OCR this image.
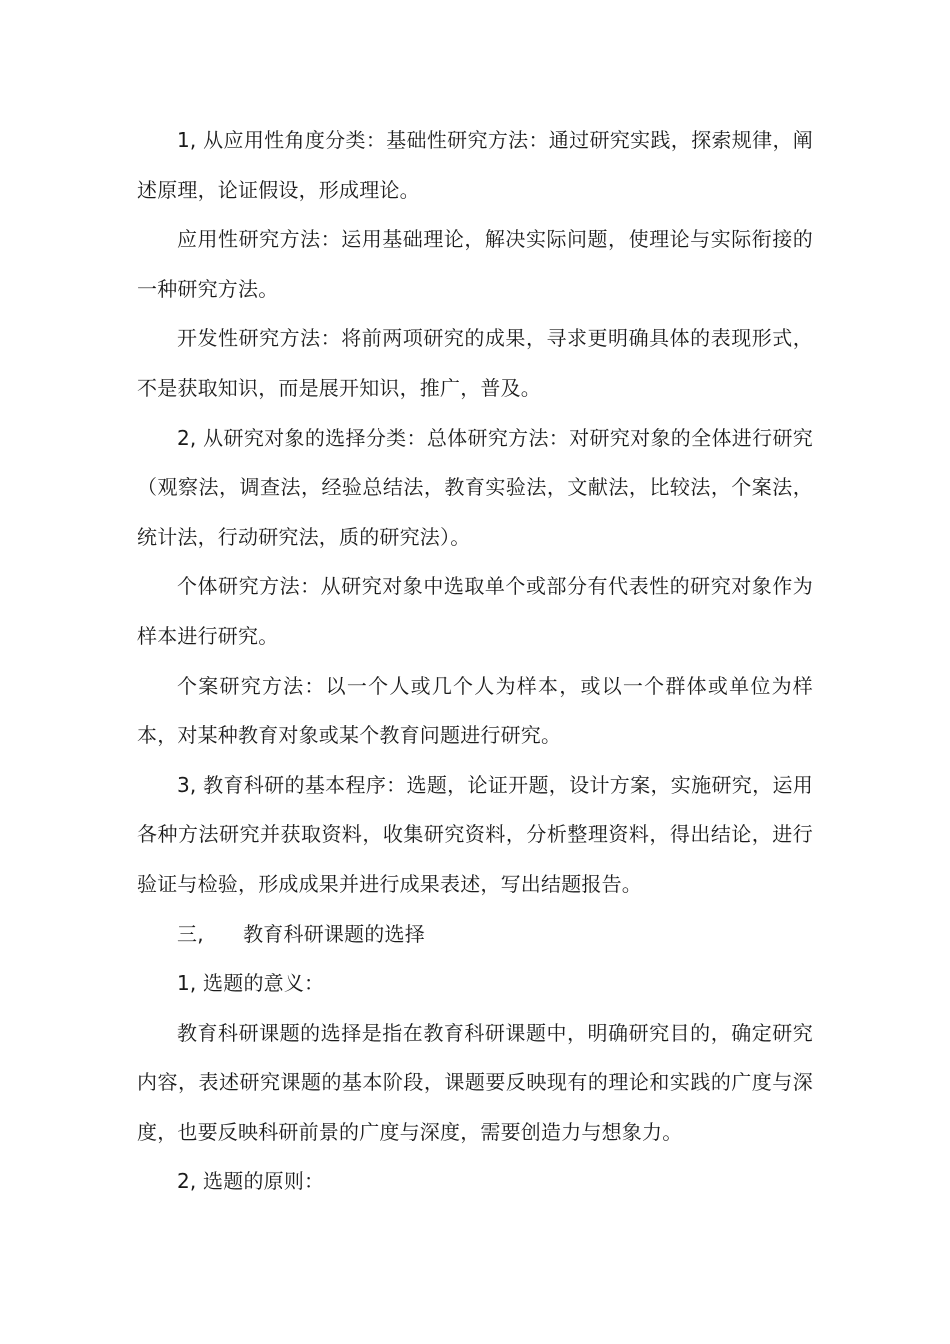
1, 从应用性角度分类：基础性研究方法：通过研究实践，探索规律，阐述原理，论证假设，形成理论。

应用性研究方法：运用基础理论，解决实际问题，使理论与实际衔接的一种研究方法。

开发性研究方法：将前两项研究的成果，寻求更明确具体的表现形式，不是获取知识，而是展开知识，推广，普及。

2, 从研究对象的选择分类：总体研究方法：对研究对象的全体进行研究（观察法，调查法，经验总结法，教育实验法，文献法，比较法，个案法，统计法，行动研究法，质的研究法）。

个体研究方法：从研究对象中选取单个或部分有代表性的研究对象作为样本进行研究。

个案研究方法：以一个人或几个人为样本，或以一个群体或单位为样本，对某种教育对象或某个教育问题进行研究。

3, 教育科研的基本程序：选题，论证开题，设计方案，实施研究，运用各种方法研究并获取资料，收集研究资料，分析整理资料，得出结论，进行验证与检验，形成成果并进行成果表述，写出结题报告。

三,      教育科研课题的选择

1, 选题的意义：

教育科研课题的选择是指在教育科研课题中，明确研究目的，确定研究内容，表述研究课题的基本阶段，课题要反映现有的理论和实践的广度与深度，也要反映科研前景的广度与深度，需要创造力与想象力。

2, 选题的原则：
